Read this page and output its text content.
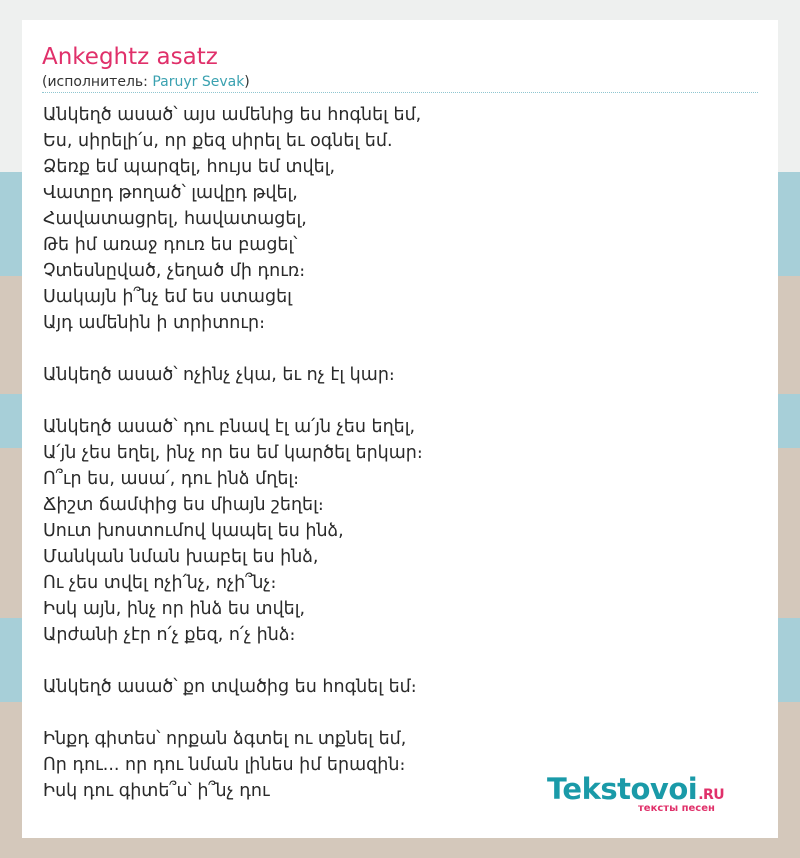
Ankeghtz asatz
(исполнитель: Paruyr Sevak)
Անկեղծ ասած՝ այս ամենից ես հոգնել եմ,
Ես, սիրելի՛ս, որ քեզ սիրել եւ օգնել եմ.
Ձեռք եմ պարզել, հույս եմ տվել,
Վատըդ թողած՝ լավըդ թվել,
Հավատացրել, հավատացել,
Թե իմ առաջ դուռ ես բացել՝
Չտեսնըված, չեղած մի դուռ։
Սակայն ի՞նչ եմ ես ստացել
Այդ ամենին ի տրիտուր։
Անկեղծ ասած՝ ոչինչ չկա, եւ ոչ էլ կար։
Անկեղծ ասած՝ դու բնավ էլ ա՛յն չես եղել,
Ա՛յն չես եղել, ինչ որ ես եմ կարծել երկար։
Ո՞ւր ես, ասա՛, դու ինձ մղել։
Ճիշտ ճամփից ես միայն շեղել։
Սուտ խոստումով կապել ես ինձ,
Մանկան նման խաբել ես ինձ,
Ու չես տվել ոչի՛նչ, ոչի՞նչ։
Իսկ այն, ինչ որ ինձ ես տվել,
Արժանի չէր ո՛չ քեզ, ո՛չ ինձ։
Անկեղծ ասած՝ քո տվածից ես հոգնել եմ։
Ինքդ գիտես՝ որքան ձգտել ու տքնել եմ,
Որ դու... որ դու նման լինես իմ երազին։
Իսկ դու գիտե՞ս՝ ի՞նչ դու	Tekstovoi.RU
тексты песен
